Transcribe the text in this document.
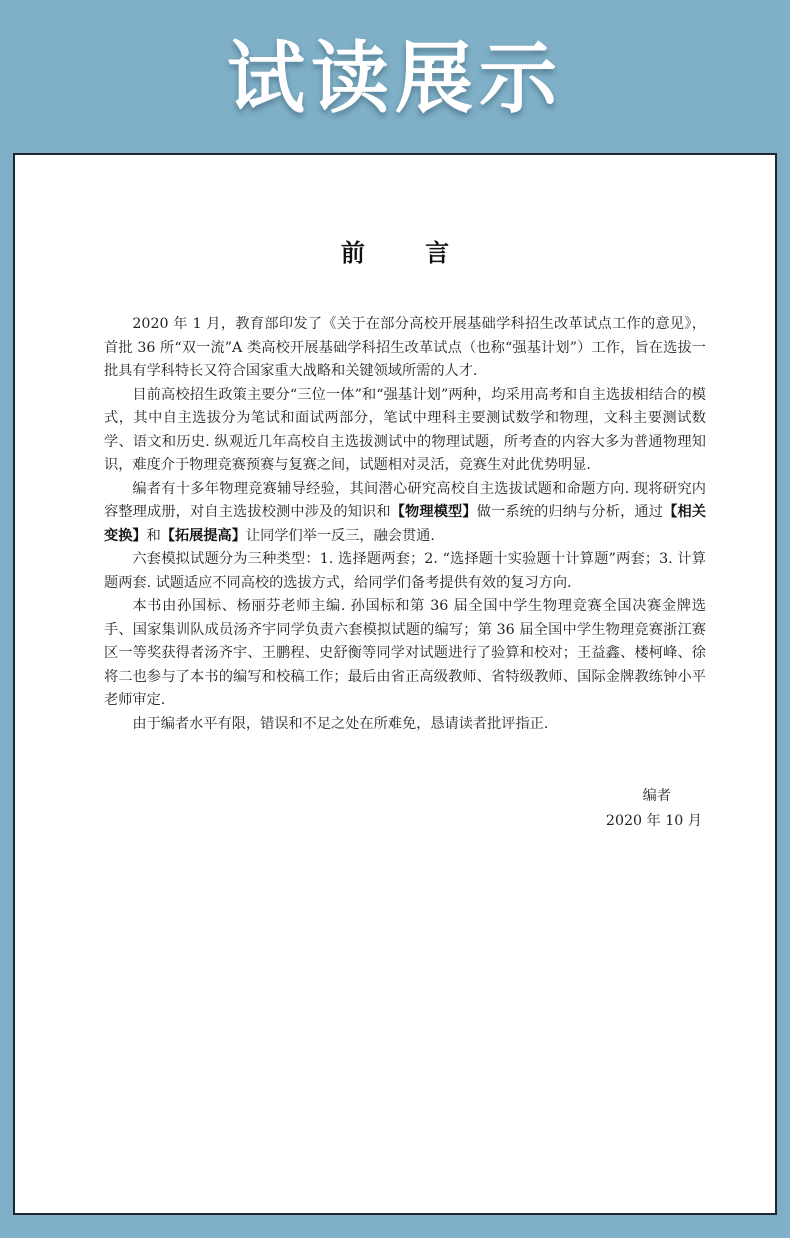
试读展示
前 言

2020 年 1 月，教育部印发了《关于在部分高校开展基础学科招生改革试点工作的意见》，首批 36 所“双一流”A 类高校开展基础学科招生改革试点（也称“强基计划”）工作，旨在选拔一批具有学科特长又符合国家重大战略和关键领域所需的人才.

目前高校招生政策主要分“三位一体”和“强基计划”两种，均采用高考和自主选拔相结合的模式，其中自主选拔分为笔试和面试两部分，笔试中理科主要测试数学和物理，文科主要测试数学、语文和历史. 纵观近几年高校自主选拔测试中的物理试题，所考查的内容大多为普通物理知识，难度介于物理竞赛预赛与复赛之间，试题相对灵活，竞赛生对此优势明显.

编者有十多年物理竞赛辅导经验，其间潜心研究高校自主选拔试题和命题方向. 现将研究内容整理成册，对自主选拔校测中涉及的知识和【物理模型】做一系统的归纳与分析，通过【相关变换】和【拓展提高】让同学们举一反三，融会贯通.

六套模拟试题分为三种类型：1. 选择题两套；2. “选择题十实验题十计算题”两套；3. 计算题两套. 试题适应不同高校的选拔方式，给同学们备考提供有效的复习方向.

本书由孙国标、杨丽芬老师主编. 孙国标和第 36 届全国中学生物理竞赛全国决赛金牌选手、国家集训队成员汤齐宇同学负责六套模拟试题的编写；第 36 届全国中学生物理竞赛浙江赛区一等奖获得者汤齐宇、王鹏程、史舒衡等同学对试题进行了验算和校对；王益鑫、楼柯峰、徐将二也参与了本书的编写和校稿工作；最后由省正高级教师、省特级教师、国际金牌教练钟小平老师审定.

由于编者水平有限，错误和不足之处在所难免，恳请读者批评指正.

编者
2020 年 10 月
